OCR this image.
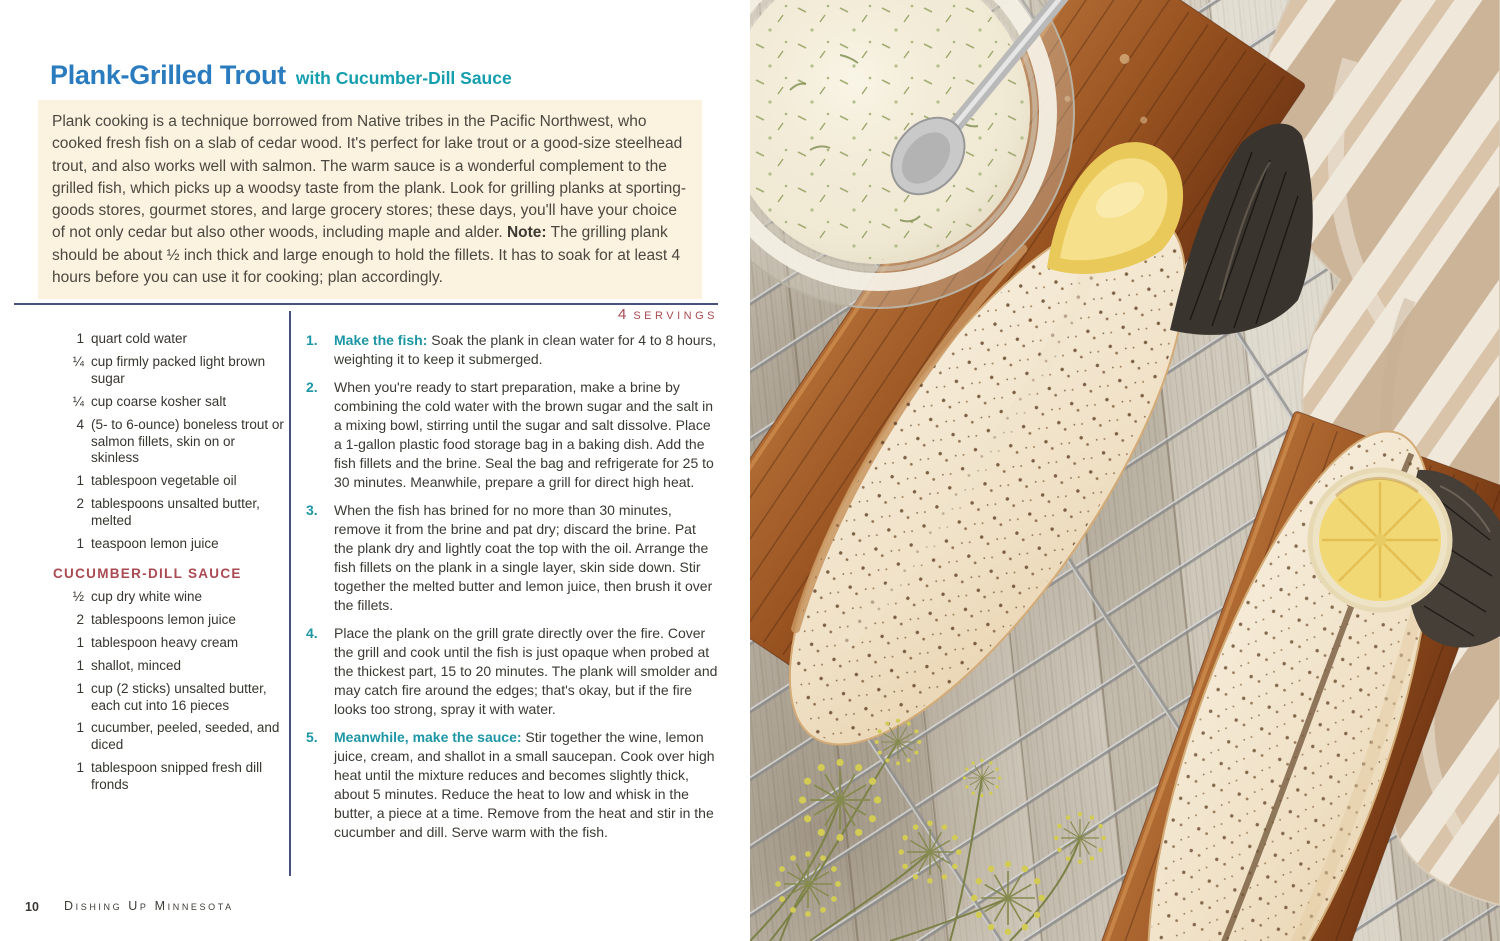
Plank-Grilled Trout with Cucumber-Dill Sauce

Plank cooking is a technique borrowed from Native tribes in the Pacific Northwest, who cooked fresh fish on a slab of cedar wood. It's perfect for lake trout or a good-size steelhead trout, and also works well with salmon. The warm sauce is a wonderful complement to the grilled fish, which picks up a woodsy taste from the plank. Look for grilling planks at sporting-goods stores, gourmet stores, and large grocery stores; these days, you'll have your choice of not only cedar but also other woods, including maple and alder. Note: The grilling plank should be about ½ inch thick and large enough to hold the fillets. It has to soak for at least 4 hours before you can use it for cooking; plan accordingly.

4 SERVINGS
1 quart cold water
¼ cup firmly packed light brown sugar
¼ cup coarse kosher salt
4 (5- to 6-ounce) boneless trout or salmon fillets, skin on or skinless
1 tablespoon vegetable oil
2 tablespoons unsalted butter, melted
1 teaspoon lemon juice
CUCUMBER-DILL SAUCE
½ cup dry white wine
2 tablespoons lemon juice
1 tablespoon heavy cream
1 shallot, minced
1 cup (2 sticks) unsalted butter, each cut into 16 pieces
1 cucumber, peeled, seeded, and diced
1 tablespoon snipped fresh dill fronds
1.	Make the fish: Soak the plank in clean water for 4 to 8 hours, weighting it to keep it submerged.

2.	When you're ready to start preparation, make a brine by combining the cold water with the brown sugar and the salt in a mixing bowl, stirring until the sugar and salt dissolve. Place a 1-gallon plastic food storage bag in a baking dish. Add the fish fillets and the brine. Seal the bag and refrigerate for 25 to 30 minutes. Meanwhile, prepare a grill for direct high heat.

3.	When the fish has brined for no more than 30 minutes, remove it from the brine and pat dry; discard the brine. Pat the plank dry and lightly coat the top with the oil. Arrange the fish fillets on the plank in a single layer, skin side down. Stir together the melted butter and lemon juice, then brush it over the fillets.

4.	Place the plank on the grill grate directly over the fire. Cover the grill and cook until the fish is just opaque when probed at the thickest part, 15 to 20 minutes. The plank will smolder and may catch fire around the edges; that's okay, but if the fire looks too strong, spray it with water.

5.	Meanwhile, make the sauce: Stir together the wine, lemon juice, cream, and shallot in a small saucepan. Cook over high heat until the mixture reduces and becomes slightly thick, about 5 minutes. Reduce the heat to low and whisk in the butter, a piece at a time. Remove from the heat and stir in the cucumber and dill. Serve warm with the fish.

10 Dishing Up Minnesota
